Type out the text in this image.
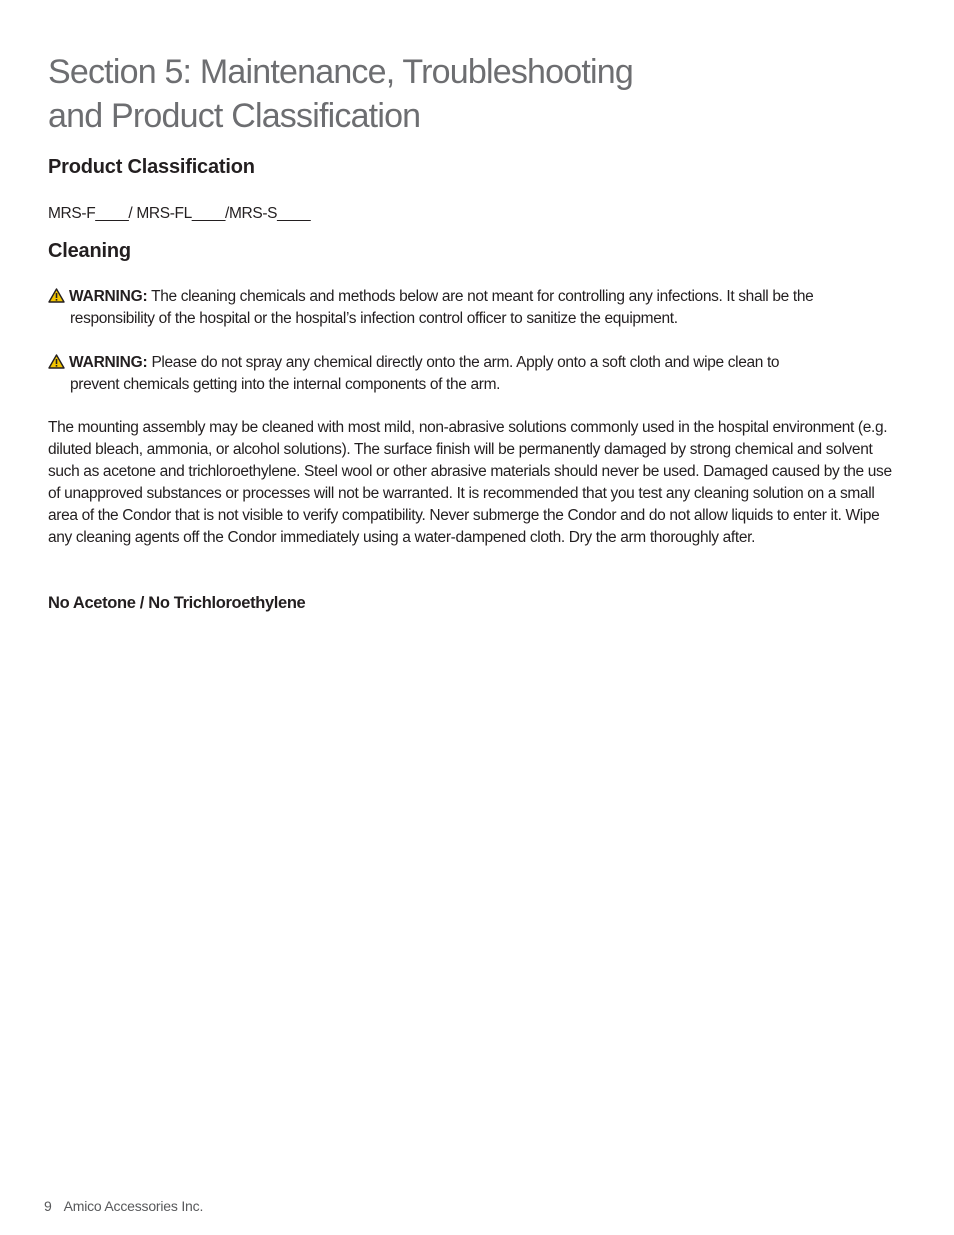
Section 5: Maintenance, Troubleshooting
and Product Classification
Product Classification

MRS-F____/ MRS-FL____/MRS-S____

Cleaning
WARNING: The cleaning chemicals and methods below are not meant for controlling any infections. It shall be the
responsibility of the hospital or the hospital’s infection control officer to sanitize the equipment.
WARNING: Please do not spray any chemical directly onto the arm. Apply onto a soft cloth and wipe clean to
prevent chemicals getting into the internal components of the arm.

The mounting assembly may be cleaned with most mild, non-abrasive solutions commonly used in the hospital environment (e.g. diluted bleach, ammonia, or alcohol solutions). The surface finish will be permanently damaged by strong chemical and solvent such as acetone and trichloroethylene. Steel wool or other abrasive materials should never be used. Damaged caused by the use of unapproved substances or processes will not be warranted. It is recommended that you test any cleaning solution on a small area of the Condor that is not visible to verify compatibility. Never submerge the Condor and do not allow liquids to enter it. Wipe any cleaning agents off the Condor immediately using a water-dampened cloth. Dry the arm thoroughly after.

No Acetone / No Trichloroethylene

9 Amico Accessories Inc.
